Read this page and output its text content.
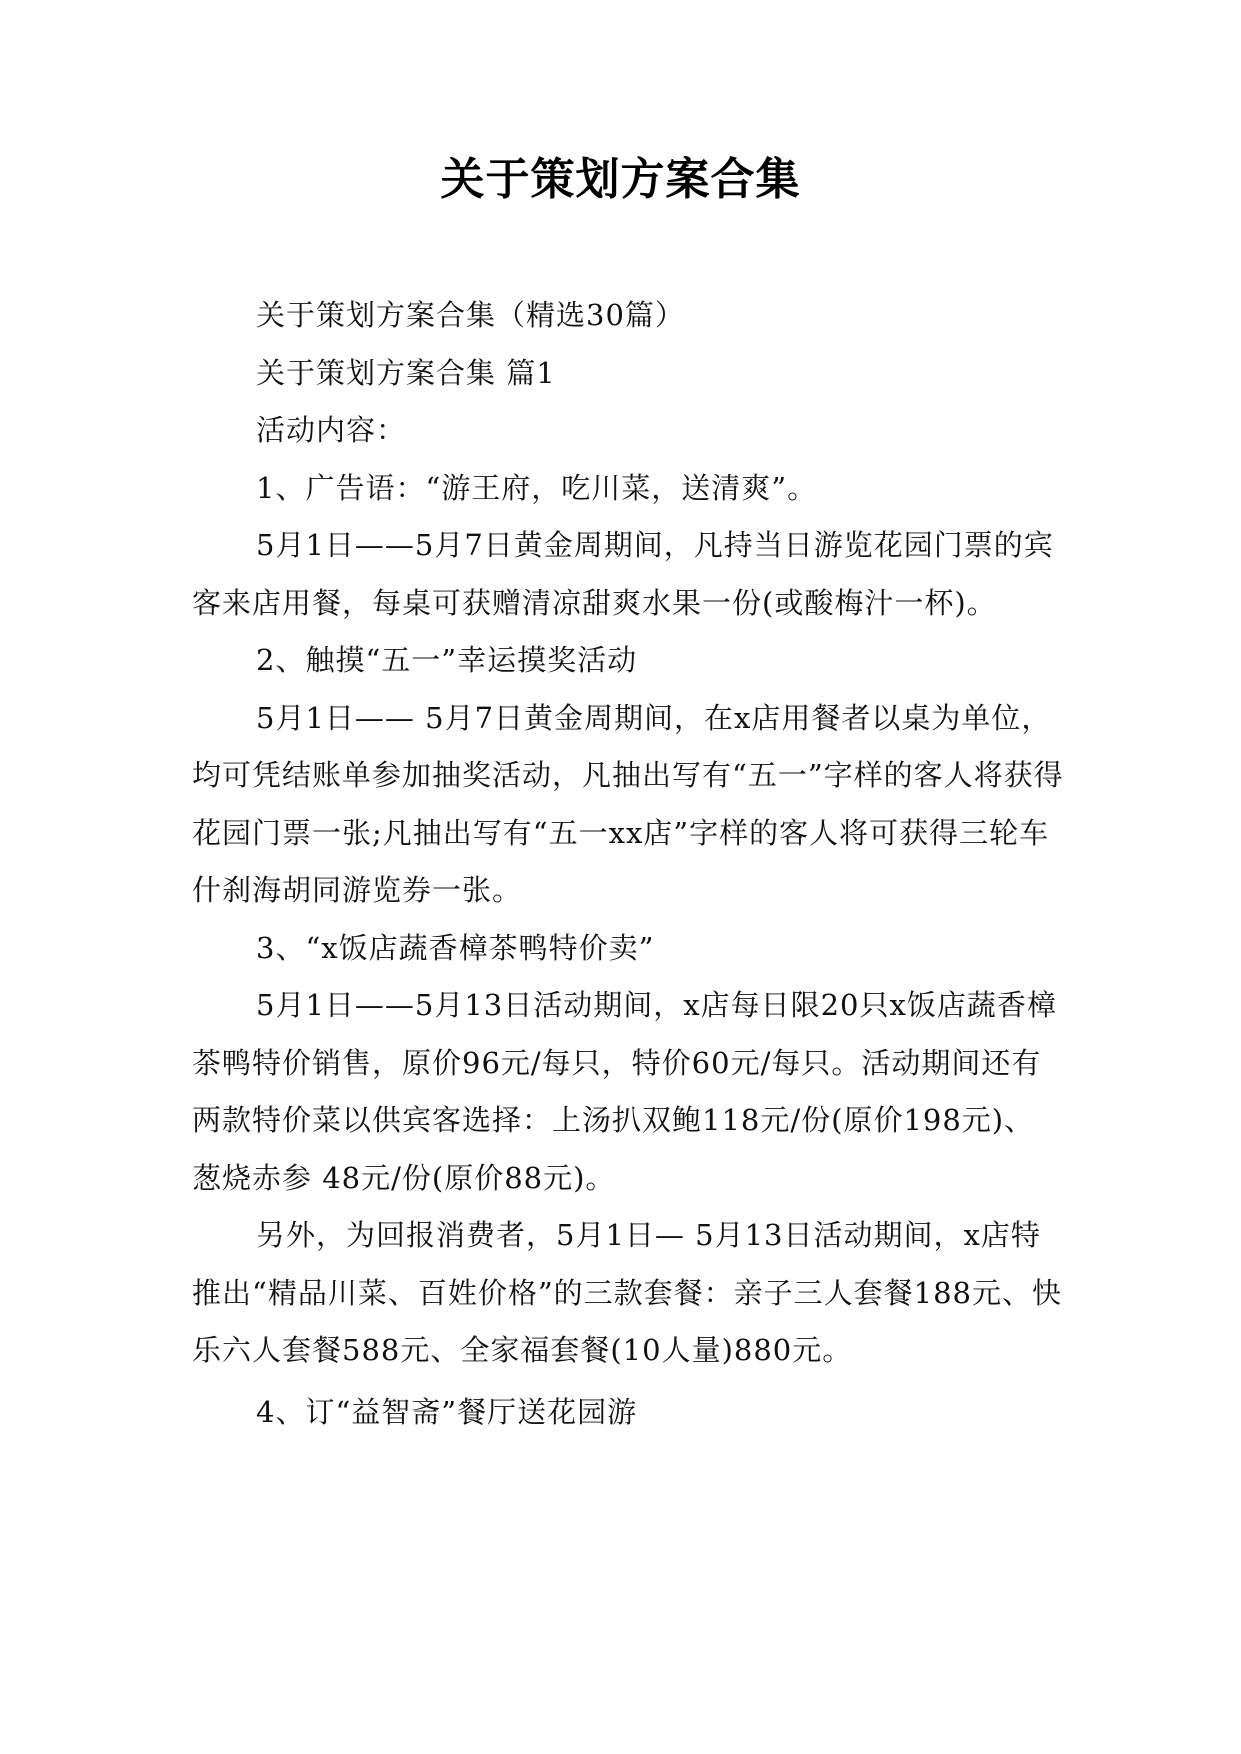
关于策划方案合集

关于策划方案合集（精选30篇）

关于策划方案合集 篇1

活动内容：

1、广告语：“游王府，吃川菜，送清爽”。

5月1日——5月7日黄金周期间，凡持当日游览花园门票的宾客来店用餐，每桌可获赠清凉甜爽水果一份(或酸梅汁一杯)。

2、触摸“五一”幸运摸奖活动

5月1日—— 5月7日黄金周期间，在x店用餐者以桌为单位，均可凭结账单参加抽奖活动，凡抽出写有“五一”字样的客人将获得花园门票一张;凡抽出写有“五一xx店”字样的客人将可获得三轮车什刹海胡同游览券一张。

3、“x饭店蔬香樟茶鸭特价卖”

5月1日——5月13日活动期间，x店每日限20只x饭店蔬香樟茶鸭特价销售，原价96元/每只，特价60元/每只。活动期间还有两款特价菜以供宾客选择：上汤扒双鲍118元/份(原价198元)、葱烧赤参 48元/份(原价88元)。

另外，为回报消费者，5月1日— 5月13日活动期间，x店特推出“精品川菜、百姓价格”的三款套餐：亲子三人套餐188元、快乐六人套餐588元、全家福套餐(10人量)880元。

4、订“益智斋”餐厅送花园游
